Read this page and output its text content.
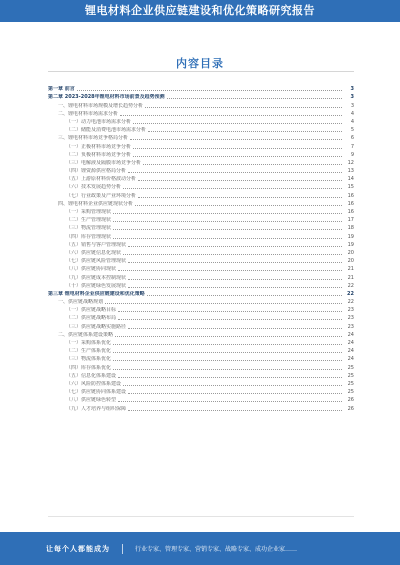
锂电材料企业供应链建设和优化策略研究报告
内容目录
第一章 前言	3
第二章 2023-2028年锂电材料市场前景及趋势预测	3
一、锂电材料市场规模及增长趋势分析	3
二、锂电材料市场需求分析	4
（一）动力电池市场需求分析	4
（二）储能及消费电池市场需求分析	5
三、锂电材料市场竞争格局分析	6
（一）正极材料市场竞争分析	7
（二）负极材料市场竞争分析	9
（三）电解液及隔膜市场竞争分析	12
（四）锂资源供应格局分析	13
（五）上游原材料价格波动分析	14
（六）技术发展趋势分析	15
（七）行业政策及产业环境分析	16
四、锂电材料企业供应链现状分析	16
（一）采购管理现状	16
（二）生产管理现状	17
（三）物流管理现状	18
（四）库存管理现状	19
（五）销售与客户管理现状	19
（六）供应链信息化现状	20
（七）供应链风险管理现状	20
（八）供应链协同现状	21
（九）供应链成本控制现状	21
（十）供应链绿色发展现状	22
第三章 锂电材料企业供应链建设和优化策略	22
一、供应链战略规划	22
（一）供应链战略目标	23
（二）供应链战略布局	23
（三）供应链战略实施路径	23
二、供应链体系建设策略	24
（一）采购体系优化	24
（二）生产体系优化	24
（三）物流体系优化	24
（四）库存体系优化	25
（五）信息化体系建设	25
（六）风险防控体系建设	25
（七）供应链协同体系建设	25
（八）供应链绿色转型	26
（九）人才培养与组织保障	26
让每个人都能成为	行业专家、管理专家、营销专家、战略专家、成功企业家……
